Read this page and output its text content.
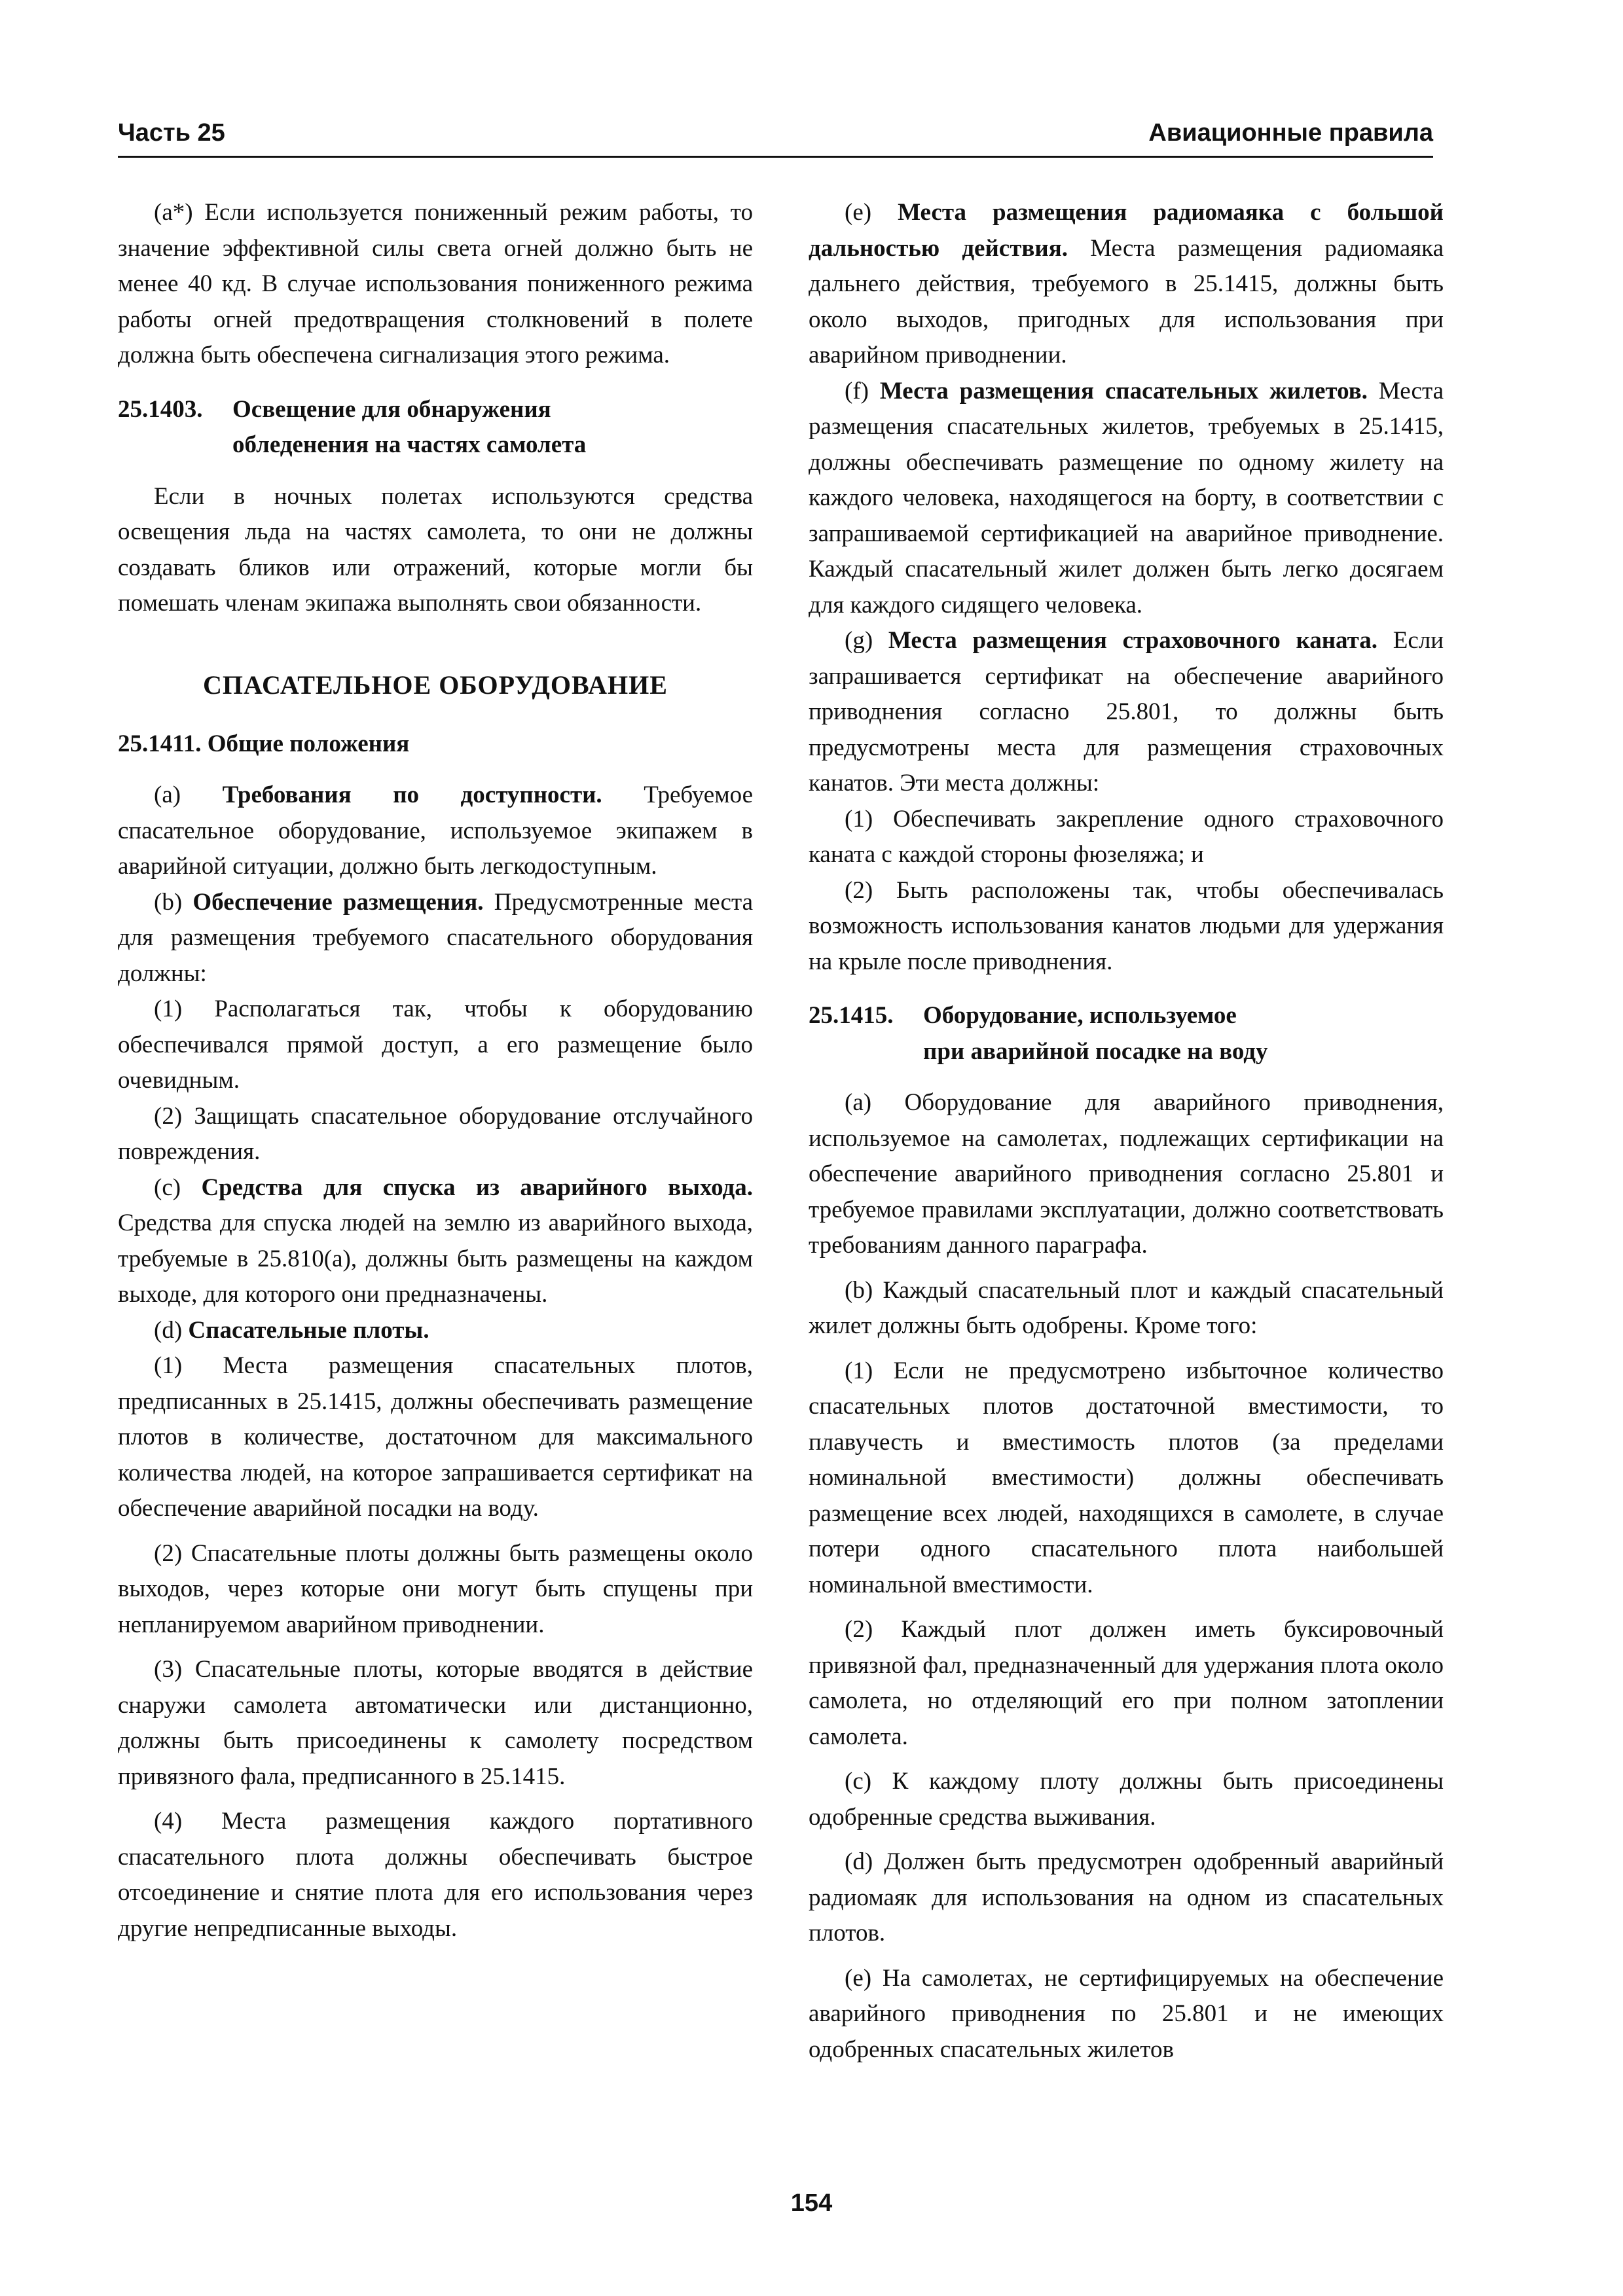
Часть 25	Авиационные правила

(а*) Если используется пониженный режим работы, то значение эффективной силы света огней должно быть не менее 40 кд. В случае использования пониженного режима работы огней предотвращения столкновений в полете должна быть обеспечена сигнализация этого режима.

25.1403. Освещение для обнаружения
обледенения на частях самолета

Если в ночных полетах используются средства освещения льда на частях самолета, то они не должны создавать бликов или отражений, которые могли бы помешать членам экипажа выполнять свои обязанности.

СПАСАТЕЛЬНОЕ ОБОРУДОВАНИЕ
25.1411. Общие положения

(a) Требования по доступности. Требуемое спасательное оборудование, используемое экипажем в аварийной ситуации, должно быть легкодоступным.

(b) Обеспечение размещения. Предусмотренные места для размещения требуемого спасательного оборудования должны:

(1) Располагаться так, чтобы к оборудованию обеспечивался прямой доступ, а его размещение было очевидным.

(2) Защищать спасательное оборудование отслучайного повреждения.

(c) Средства для спуска из аварийного выхода. Средства для спуска людей на землю из аварийного выхода, требуемые в 25.810(a), должны быть размещены на каждом выходе, для которого они предназначены.

(d) Спасательные плоты.

(1) Места размещения спасательных плотов, предписанных в 25.1415, должны обеспечивать размещение плотов в количестве, достаточном для максимального количества людей, на которое запрашивается сертификат на обеспечение аварийной посадки на воду.

(2) Спасательные плоты должны быть размещены около выходов, через которые они могут быть спущены при непланируемом аварийном приводнении.

(3) Спасательные плоты, которые вводятся в действие снаружи самолета автоматически или дистанционно, должны быть присоединены к самолету посредством привязного фала, предписанного в 25.1415.

(4) Места размещения каждого портативного спасательного плота должны обеспечивать быстрое отсоединение и снятие плота для его использования через другие непредписанные выходы.

(e) Места размещения радиомаяка с большой дальностью действия. Места размещения радиомаяка дальнего действия, требуемого в 25.1415, должны быть около выходов, пригодных для использования при аварийном приводнении.

(f) Места размещения спасательных жилетов. Места размещения спасательных жилетов, требуемых в 25.1415, должны обеспечивать размещение по одному жилету на каждого человека, находящегося на борту, в соответствии с запрашиваемой сертификацией на аварийное приводнение. Каждый спасательный жилет должен быть легко досягаем для каждого сидящего человека.

(g) Места размещения страховочного каната. Если запрашивается сертификат на обеспечение аварийного приводнения согласно 25.801, то должны быть предусмотрены места для размещения страховочных канатов. Эти места должны:

(1) Обеспечивать закрепление одного страховочного каната с каждой стороны фюзеляжа; и

(2) Быть расположены так, чтобы обеспечивалась возможность использования канатов людьми для удержания на крыле после приводнения.

25.1415. Оборудование, используемое
при аварийной посадке на воду

(a) Оборудование для аварийного приводнения, используемое на самолетах, подлежащих сертификации на обеспечение аварийного приводнения согласно 25.801 и требуемое правилами эксплуатации, должно соответствовать требованиям данного параграфа.

(b) Каждый спасательный плот и каждый спасательный жилет должны быть одобрены. Кроме того:

(1) Если не предусмотрено избыточное количество спасательных плотов достаточной вместимости, то плавучесть и вместимость плотов (за пределами номинальной вместимости) должны обеспечивать размещение всех людей, находящихся в самолете, в случае потери одного спасательного плота наибольшей номинальной вместимости.

(2) Каждый плот должен иметь буксировочный привязной фал, предназначенный для удержания плота около самолета, но отделяющий его при полном затоплении самолета.

(c) К каждому плоту должны быть присоединены одобренные средства выживания.

(d) Должен быть предусмотрен одобренный аварийный радиомаяк для использования на одном из спасательных плотов.

(e) На самолетах, не сертифицируемых на обеспечение аварийного приводнения по 25.801 и не имеющих одобренных спасательных жилетов

154
